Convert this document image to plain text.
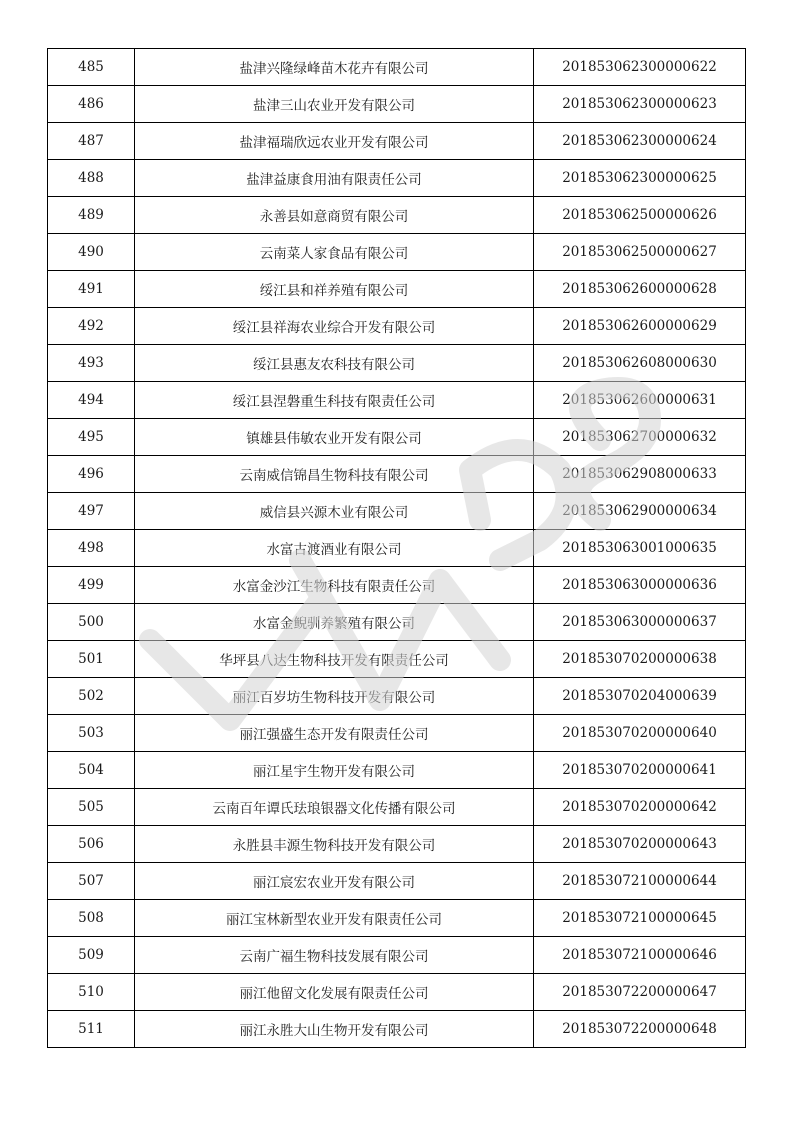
485	盐津兴隆绿峰苗木花卉有限公司	201853062300000622
486	盐津三山农业开发有限公司	201853062300000623
487	盐津福瑞欣远农业开发有限公司	201853062300000624
488	盐津益康食用油有限责任公司	201853062300000625
489	永善县如意商贸有限公司	201853062500000626
490	云南菜人家食品有限公司	201853062500000627
491	绥江县和祥养殖有限公司	201853062600000628
492	绥江县祥海农业综合开发有限公司	201853062600000629
493	绥江县惠友农科技有限公司	201853062608000630
494	绥江县涅磐重生科技有限责任公司	201853062600000631
495	镇雄县伟敏农业开发有限公司	201853062700000632
496	云南威信锦昌生物科技有限公司	201853062908000633
497	威信县兴源木业有限公司	201853062900000634
498	水富古渡酒业有限公司	201853063001000635
499	水富金沙江生物科技有限责任公司	201853063000000636
500	水富金鲵驯养繁殖有限公司	201853063000000637
501	华坪县八达生物科技开发有限责任公司	201853070200000638
502	丽江百岁坊生物科技开发有限公司	201853070204000639
503	丽江强盛生态开发有限责任公司	201853070200000640
504	丽江星宇生物开发有限公司	201853070200000641
505	云南百年谭氏珐琅银器文化传播有限公司	201853070200000642
506	永胜县丰源生物科技开发有限公司	201853070200000643
507	丽江宸宏农业开发有限公司	201853072100000644
508	丽江宝林新型农业开发有限责任公司	201853072100000645
509	云南广福生物科技发展有限公司	201853072100000646
510	丽江他留文化发展有限责任公司	201853072200000647
511	丽江永胜大山生物开发有限公司	201853072200000648
